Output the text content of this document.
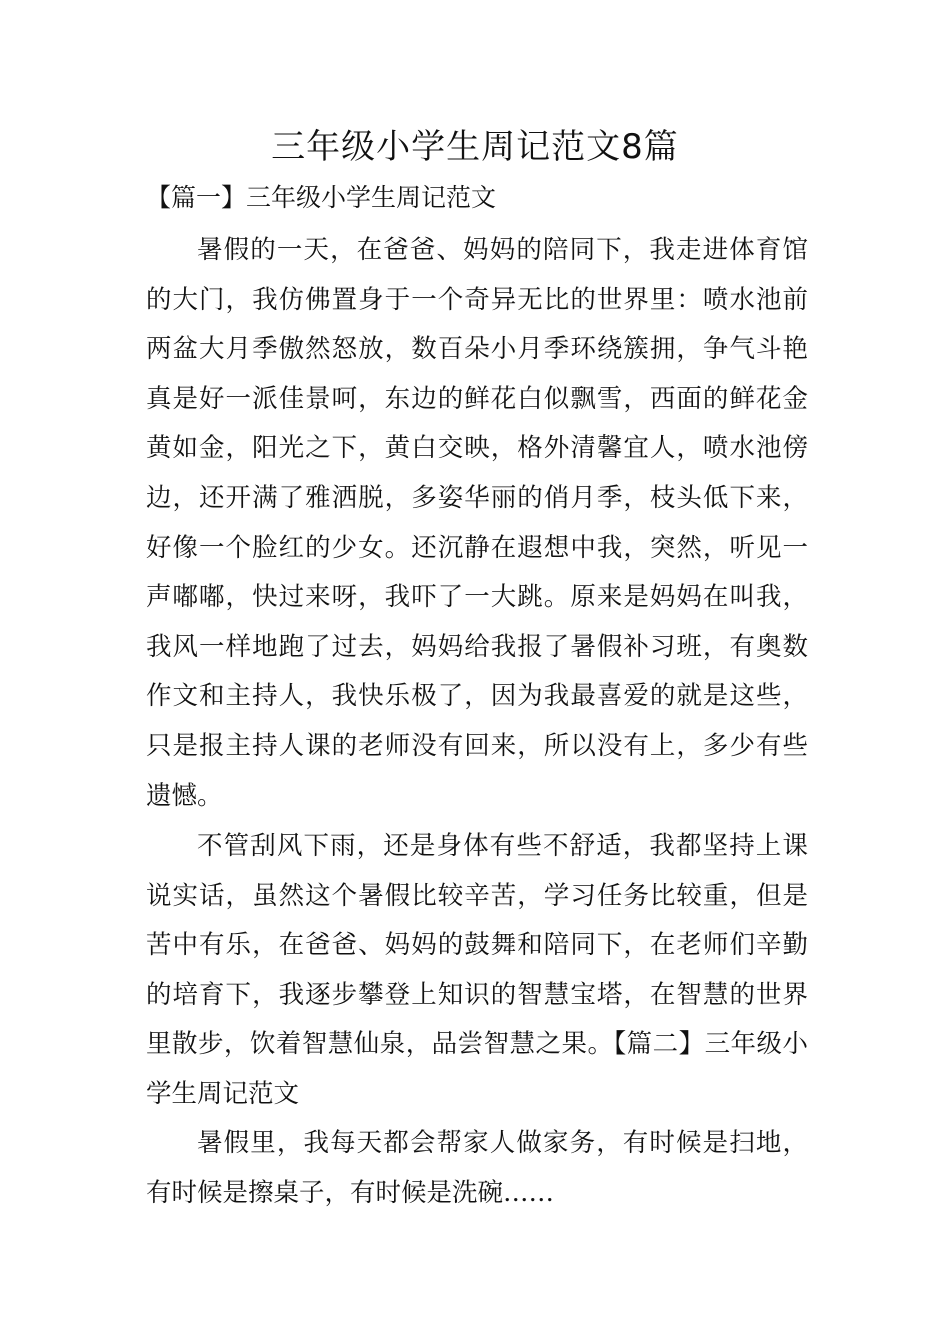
三年级小学生周记范文8篇
【篇一】三年级小学生周记范文

暑假的一天，在爸爸、妈妈的陪同下，我走进体育馆的大门，我仿佛置身于一个奇异无比的世界里：喷水池前两盆大月季傲然怒放，数百朵小月季环绕簇拥，争气斗艳真是好一派佳景呵，东边的鲜花白似飘雪，西面的鲜花金黄如金，阳光之下，黄白交映，格外清馨宜人，喷水池傍边，还开满了雅洒脱，多姿华丽的俏月季，枝头低下来，好像一个脸红的少女。还沉静在遐想中我，突然，听见一声嘟嘟，快过来呀，我吓了一大跳。原来是妈妈在叫我，我风一样地跑了过去，妈妈给我报了暑假补习班，有奥数作文和主持人，我快乐极了，因为我最喜爱的就是这些，只是报主持人课的老师没有回来，所以没有上，多少有些遗憾。

不管刮风下雨，还是身体有些不舒适，我都坚持上课说实话，虽然这个暑假比较辛苦，学习任务比较重，但是苦中有乐，在爸爸、妈妈的鼓舞和陪同下，在老师们辛勤的培育下，我逐步攀登上知识的智慧宝塔，在智慧的世界里散步，饮着智慧仙泉，品尝智慧之果。【篇二】三年级小学生周记范文

暑假里，我每天都会帮家人做家务，有时候是扫地，有时候是擦桌子，有时候是洗碗……
